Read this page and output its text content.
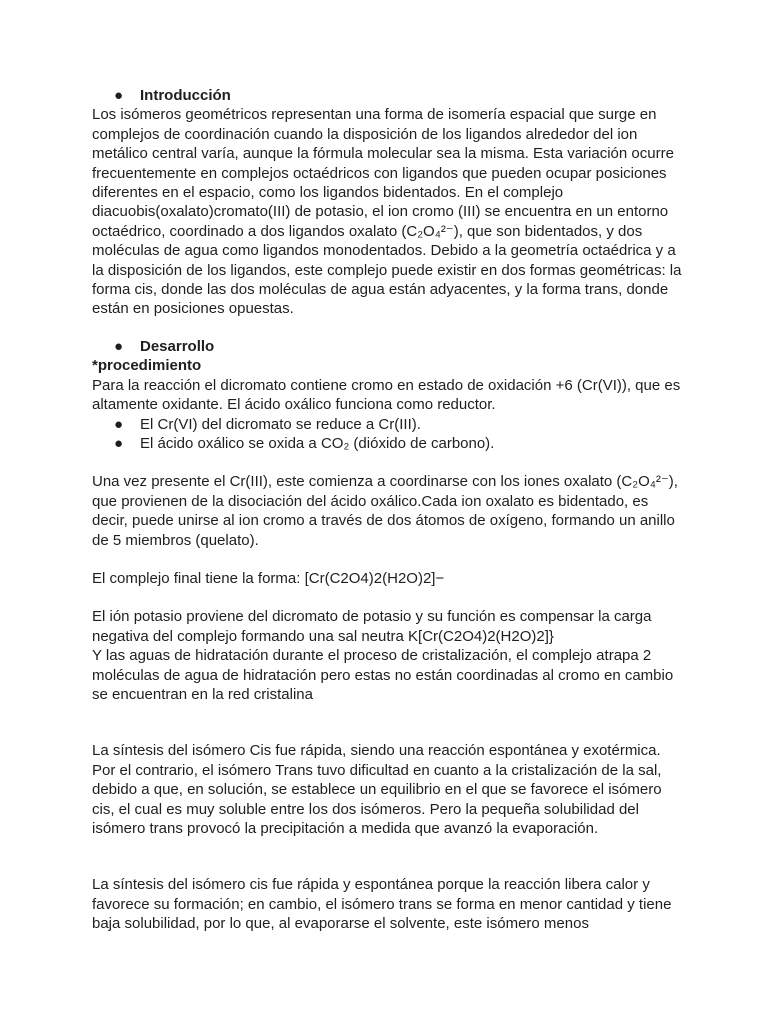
●	Introducción

Los isómeros geométricos representan una forma de isomería espacial que surge en complejos de coordinación cuando la disposición de los ligandos alrededor del ion metálico central varía, aunque la fórmula molecular sea la misma. Esta variación ocurre frecuentemente en complejos octaédricos con ligandos que pueden ocupar posiciones diferentes en el espacio, como los ligandos bidentados. En el complejo diacuobis(oxalato)cromato(III) de potasio, el ion cromo (III) se encuentra en un entorno octaédrico, coordinado a dos ligandos oxalato (C₂O₄²⁻), que son bidentados, y dos moléculas de agua como ligandos monodentados. Debido a la geometría octaédrica y a la disposición de los ligandos, este complejo puede existir en dos formas geométricas: la forma cis, donde las dos moléculas de agua están adyacentes, y la forma trans, donde están en posiciones opuestas.

●	Desarrollo

*procedimiento

Para la reacción el dicromato contiene cromo en estado de oxidación +6 (Cr(VI)), que es altamente oxidante. El ácido oxálico funciona como reductor.

●	El Cr(VI) del dicromato se reduce a Cr(III).
●	El ácido oxálico se oxida a CO₂ (dióxido de carbono).

Una vez presente el Cr(III), este comienza a coordinarse con los iones oxalato (C₂O₄²⁻), que provienen de la disociación del ácido oxálico.Cada ion oxalato es bidentado, es decir, puede unirse al ion cromo a través de dos átomos de oxígeno, formando un anillo de 5 miembros (quelato).

El complejo final tiene la forma: [Cr(C2O4)2(H2O)2]−

El ión potasio proviene del dicromato de potasio y su función es compensar la carga negativa del complejo formando una sal neutra K[Cr(C2O4)2(H2O)2]}

Y las aguas de hidratación durante el proceso de cristalización, el complejo atrapa 2 moléculas de agua de hidratación pero estas no están coordinadas al cromo en cambio se encuentran en la red cristalina

La síntesis del isómero Cis fue rápida, siendo una reacción espontánea y exotérmica. Por el contrario, el isómero Trans tuvo dificultad en cuanto a la cristalización de la sal, debido a que, en solución, se establece un equilibrio en el que se favorece el isómero cis, el cual es muy soluble entre los dos isómeros. Pero la pequeña solubilidad del isómero trans provocó la precipitación a medida que avanzó la evaporación.

La síntesis del isómero cis fue rápida y espontánea porque la reacción libera calor y favorece su formación; en cambio, el isómero trans se forma en menor cantidad y tiene baja solubilidad, por lo que, al evaporarse el solvente, este isómero menos
